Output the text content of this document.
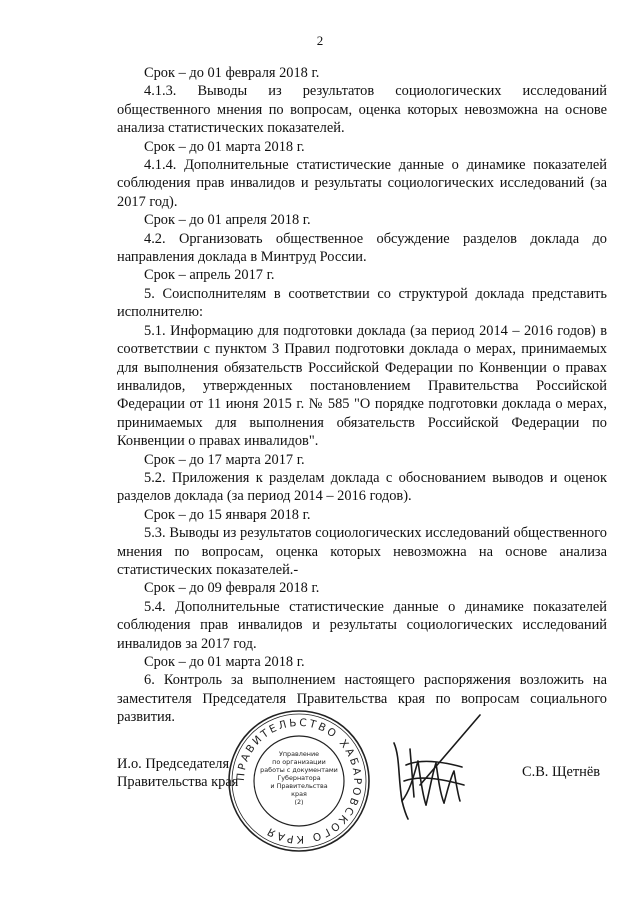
2

Срок – до 01 февраля 2018 г.

4.1.3. Выводы из результатов социологических исследований общественного мнения по вопросам, оценка которых невозможна на основе анализа статистических показателей.

Срок – до 01 марта 2018 г.

4.1.4. Дополнительные статистические данные о динамике показателей соблюдения прав инвалидов и результаты социологических исследований (за 2017 год).

Срок – до 01 апреля 2018 г.

4.2. Организовать общественное обсуждение разделов доклада до направления доклада в Минтруд России.

Срок – апрель 2017 г.

5. Соисполнителям в соответствии со структурой доклада представить исполнителю:

5.1. Информацию для подготовки доклада (за период 2014 – 2016 годов) в соответствии с пунктом 3 Правил подготовки доклада о мерах, принимаемых для выполнения обязательств Российской Федерации по Конвенции о правах инвалидов, утвержденных постановлением Правительства Российской Федерации от 11 июня 2015 г. № 585 "О порядке подготовки доклада о мерах, принимаемых для выполнения обязательств Российской Федерации по Конвенции о правах инвалидов".

Срок – до 17 марта 2017 г.

5.2. Приложения к разделам доклада с обоснованием выводов и оценок разделов доклада (за период 2014 – 2016 годов).

Срок – до 15 января 2018 г.

5.3. Выводы из результатов социологических исследований общественного мнения по вопросам, оценка которых невозможна на основе анализа статистических показателей.-

Срок – до 09 февраля 2018 г.

5.4. Дополнительные статистические данные о динамике показателей соблюдения прав инвалидов и результаты социологических исследований инвалидов за 2017 год.

Срок – до 01 марта 2018 г.

6. Контроль за выполнением настоящего распоряжения возложить на заместителя Председателя Правительства края по вопросам социального развития.

И.о. Председателя
Правительства края
ПРАВИТЕЛЬСТВО ХАБАРОВСКОГО КРАЯ
Управление
по организации
работы с документами
Губернатора
и Правительства
края
(2)
С.В. Щетнёв
